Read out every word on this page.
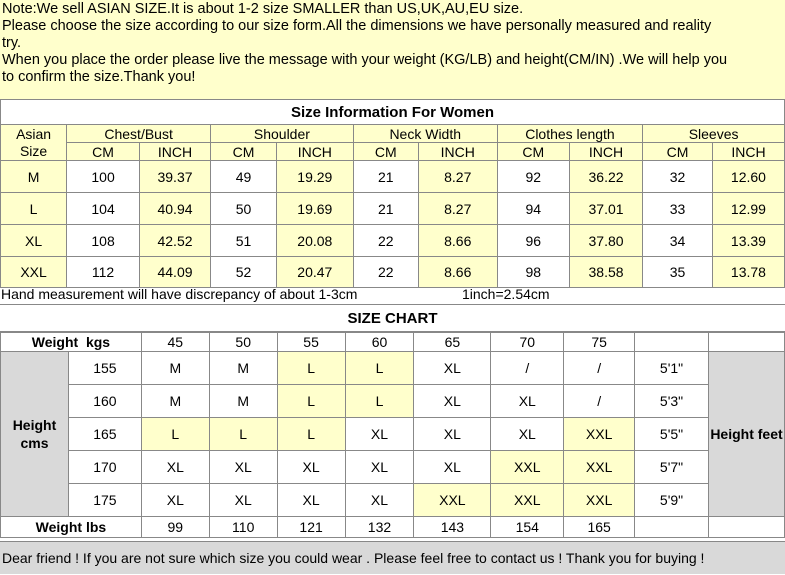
Note:We sell ASIAN SIZE.It is about 1-2 size SMALLER than US,UK,AU,EU size.
Please choose the size according to our size form.All the dimensions we have personally measured and reality
try.
When you place the order please live the message with your weight (KG/LB) and height(CM/IN) .We will help you
to confirm the size.Thank you!
Size Information For Women										

Asian
Size	Chest/Bust		Shoulder		Neck Width		Clothes length		Sleeves	
	CM	INCH	CM	INCH	CM	INCH	CM	INCH	CM	INCH
M	100	39.37	49	19.29	21	8.27	92	36.22	32	12.60
L	104	40.94	50	19.69	21	8.27	94	37.01	33	12.99
XL	108	42.52	51	20.08	22	8.66	96	37.80	34	13.39
XXL	112	44.09	52	20.47	22	8.66	98	38.58	35	13.78
Hand measurement will have discrepancy of about 1-3cm	1inch=2.54cm
SIZE CHART
Weight  kgs		45	50	55	60	65	70	75		
Height cms	155	M	M	L	L	XL	/	/	5'1"	Height feet
	160	M	M	L	L	XL	XL	/	5'3"	
	165	L	L	L	XL	XL	XL	XXL	5'5"	
	170	XL	XL	XL	XL	XL	XXL	XXL	5'7"	
	175	XL	XL	XL	XL	XXL	XXL	XXL	5'9"	
Weight lbs		99	110	121	132	143	154	165		
Dear friend ! If you are not sure which size you could wear . Please feel free to contact us ! Thank you for buying !
